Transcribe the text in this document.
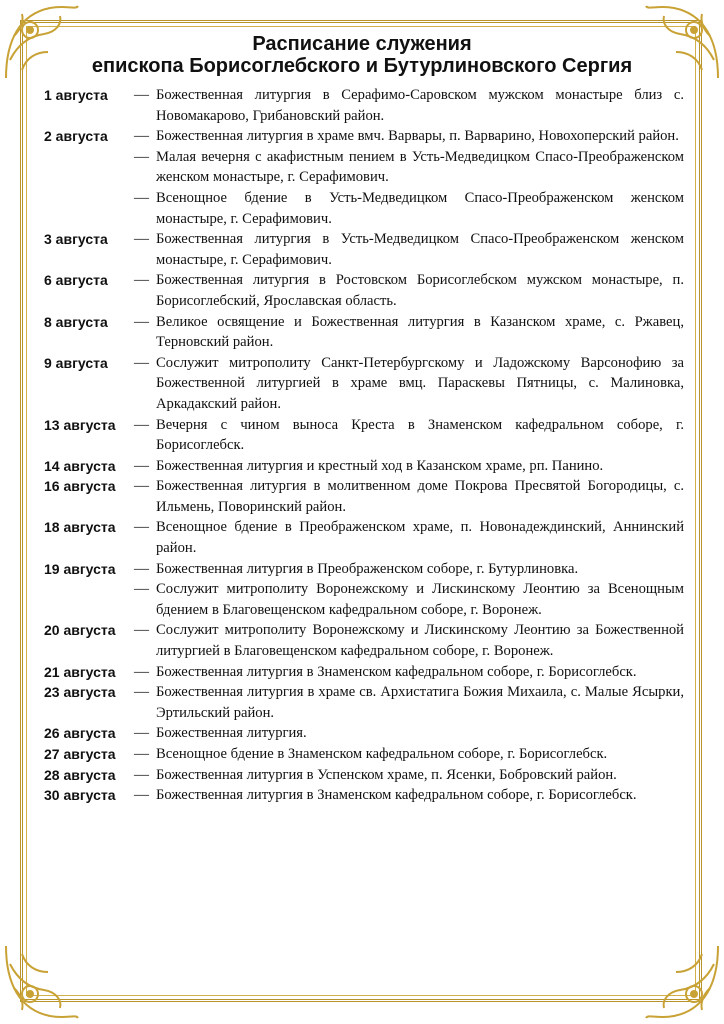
Расписание служения
епископа Борисоглебского и Бутурлиновского Сергия
1 августа	— Божественная литургия в Серафимо-Саровском мужском монастыре близ с. Новомакарово, Грибановский район.
2 августа	— Божественная литургия в храме вмч. Варвары, п. Варварино, Новохоперский район.
— Малая вечерня с акафистным пением в Усть-Медведицком Спасо-Преображенском женском монастыре, г. Серафимович.
— Всенощное бдение в Усть-Медведицком Спасо-Преображенском женском монастыре, г. Серафимович.
3 августа	— Божественная литургия в Усть-Медведицком Спасо-Преображенском женском монастыре, г. Серафимович.
6 августа	— Божественная литургия в Ростовском Борисоглебском мужском монастыре, п. Борисоглебский, Ярославская область.
8 августа	— Великое освящение и Божественная литургия в Казанском храме, с. Ржавец, Терновский район.
9 августа	— Сослужит митрополиту Санкт-Петербургскому и Ладожскому Варсонофию за Божественной литургией в храме вмц. Параскевы Пятницы, с. Малиновка, Аркадакский район.
13 августа	— Вечерня с чином выноса Креста в Знаменском кафедральном соборе, г. Борисоглебск.
14 августа	— Божественная литургия и крестный ход в Казанском храме, рп. Панино.
16 августа	— Божественная литургия в молитвенном доме Покрова Пресвятой Богородицы, с. Ильмень, Поворинский район.
18 августа	— Всенощное бдение в Преображенском храме, п. Новонадеждинский, Аннинский район.
19 августа	— Божественная литургия в Преображенском соборе, г. Бутурлиновка.
— Сослужит митрополиту Воронежскому и Лискинскому Леонтию за Всенощным бдением в Благовещенском кафедральном соборе, г. Воронеж.
20 августа	— Сослужит митрополиту Воронежскому и Лискинскому Леонтию за Божественной литургией в Благовещенском кафедральном соборе, г. Воронеж.
21 августа	— Божественная литургия в Знаменском кафедральном соборе, г. Борисоглебск.
23 августа	— Божественная литургия в храме св. Архистатига Божия Михаила, с. Малые Ясырки, Эртильский район.
26 августа	— Божественная литургия.
27 августа	— Всенощное бдение в Знаменском кафедральном соборе, г. Борисоглебск.
28 августа	— Божественная литургия в Успенском храме, п. Ясенки, Бобровский район.
30 августа	— Божественная литургия в Знаменском кафедральном соборе, г. Борисоглебск.
